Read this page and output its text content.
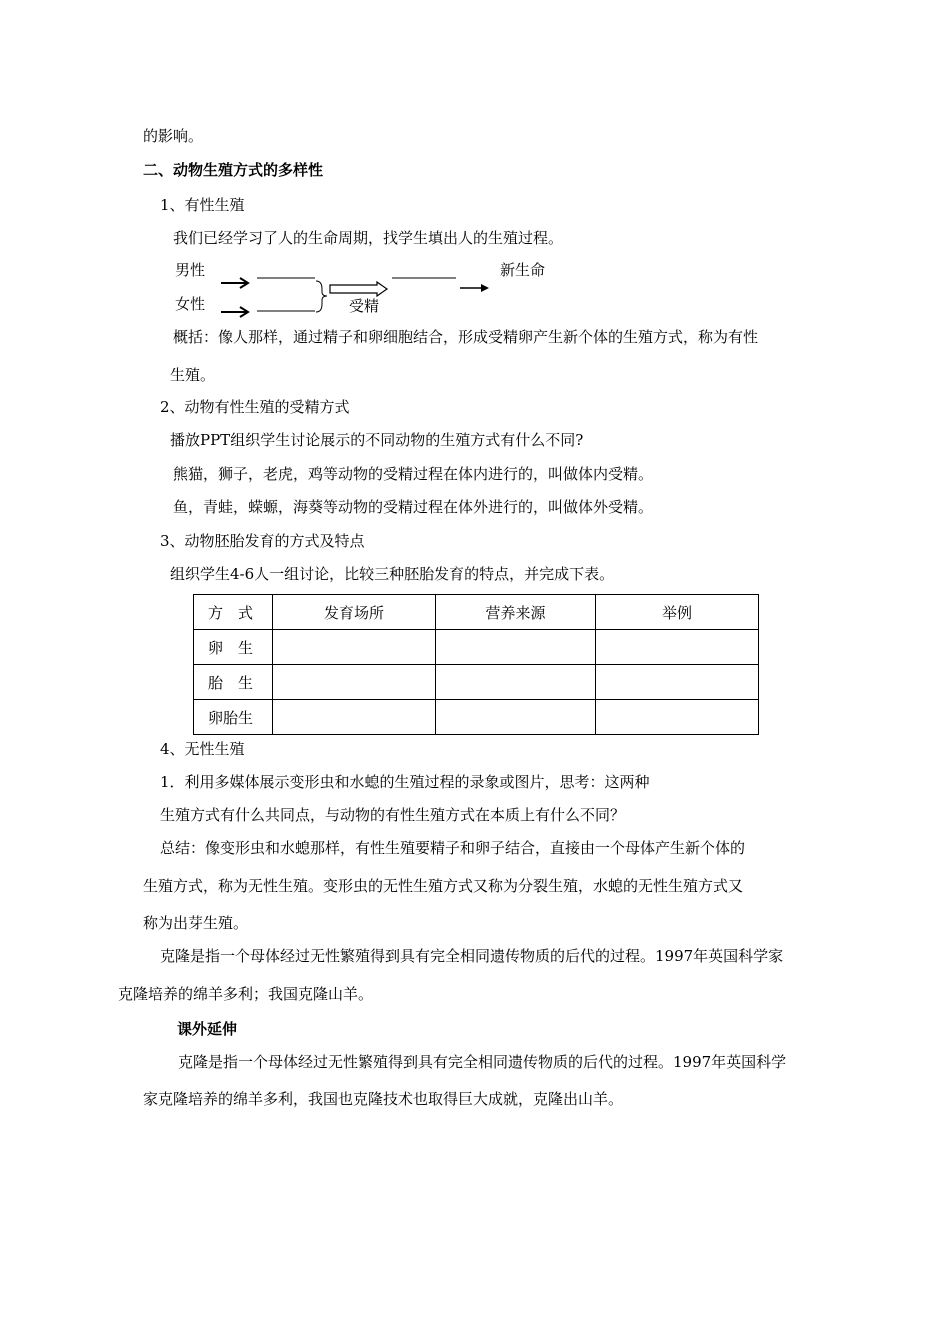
的影响。
二、动物生殖方式的多样性
1、有性生殖
我们已经学习了人的生命周期，找学生填出人的生殖过程。
男性
女性	受精
新生命
概括：像人那样，通过精子和卵细胞结合，形成受精卵产生新个体的生殖方式，称为有性
生殖。
2、动物有性生殖的受精方式
播放PPT组织学生讨论展示的不同动物的生殖方式有什么不同?
熊猫，狮子，老虎，鸡等动物的受精过程在体内进行的，叫做体内受精。
鱼，青蛙，蝾螈，海葵等动物的受精过程在体外进行的，叫做体外受精。
3、动物胚胎发育的方式及特点
组织学生4-6人一组讨论，比较三种胚胎发育的特点，并完成下表。
方　式	发育场所	营养来源	举例
卵　生			
胎　生			
卵胎生			
4、无性生殖
1．利用多媒体展示变形虫和水螅的生殖过程的录象或图片，思考：这两种
生殖方式有什么共同点，与动物的有性生殖方式在本质上有什么不同？
总结：像变形虫和水螅那样，有性生殖要精子和卵子结合，直接由一个母体产生新个体的
生殖方式，称为无性生殖。变形虫的无性生殖方式又称为分裂生殖，水螅的无性生殖方式又
称为出芽生殖。
克隆是指一个母体经过无性繁殖得到具有完全相同遗传物质的后代的过程。1997年英国科学家
克隆培养的绵羊多利；我国克隆山羊。
课外延伸
克隆是指一个母体经过无性繁殖得到具有完全相同遗传物质的后代的过程。1997年英国科学
家克隆培养的绵羊多利，我国也克隆技术也取得巨大成就，克隆出山羊。
